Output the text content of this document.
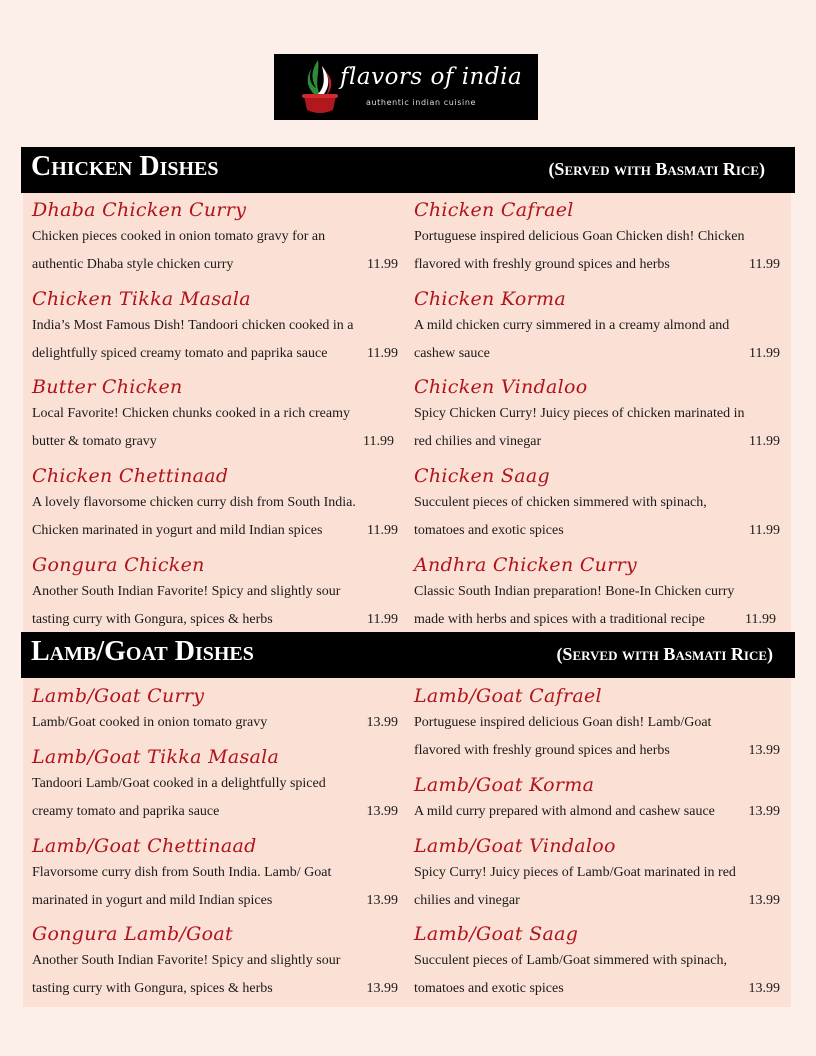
flavors of india
authentic indian cuisine
Chicken Dishes	(Served with Basmati Rice)
Dhaba Chicken Curry
Chicken pieces cooked in onion tomato gravy for an
authentic Dhaba style chicken curry	11.99
Chicken Tikka Masala
India’s Most Famous Dish! Tandoori chicken cooked in a
delightfully spiced creamy tomato and paprika sauce	11.99
Butter Chicken
Local Favorite! Chicken chunks cooked in a rich creamy
butter & tomato gravy	11.99
Chicken Chettinaad
A lovely flavorsome chicken curry dish from South India.
Chicken marinated in yogurt and mild Indian spices	11.99
Gongura Chicken
Another South Indian Favorite! Spicy and slightly sour
tasting curry with Gongura, spices & herbs	11.99
Chicken Cafrael
Portuguese inspired delicious Goan Chicken dish! Chicken
flavored with freshly ground spices and herbs	11.99
Chicken Korma
A mild chicken curry simmered in a creamy almond and
cashew sauce	11.99
Chicken Vindaloo
Spicy Chicken Curry! Juicy pieces of chicken marinated in
red chilies and vinegar	11.99
Chicken Saag
Succulent pieces of chicken simmered with spinach,
tomatoes and exotic spices	11.99
Andhra Chicken Curry
Classic South Indian preparation! Bone-In Chicken curry
made with herbs and spices with a traditional recipe	11.99
Lamb/Goat Dishes	(Served with Basmati Rice)
Lamb/Goat Curry
Lamb/Goat cooked in onion tomato gravy	13.99
Lamb/Goat Tikka Masala
Tandoori Lamb/Goat cooked in a delightfully spiced
creamy tomato and paprika sauce	13.99
Lamb/Goat Chettinaad
Flavorsome curry dish from South India. Lamb/ Goat
marinated in yogurt and mild Indian spices	13.99
Gongura Lamb/Goat
Another South Indian Favorite! Spicy and slightly sour
tasting curry with Gongura, spices & herbs	13.99
Lamb/Goat Cafrael
Portuguese inspired delicious Goan dish! Lamb/Goat
flavored with freshly ground spices and herbs	13.99
Lamb/Goat Korma
A mild curry prepared with almond and cashew sauce 13.99
Lamb/Goat Vindaloo
Spicy Curry! Juicy pieces of Lamb/Goat marinated in red
chilies and vinegar	13.99
Lamb/Goat Saag
Succulent pieces of Lamb/Goat simmered with spinach,
tomatoes and exotic spices	13.99
